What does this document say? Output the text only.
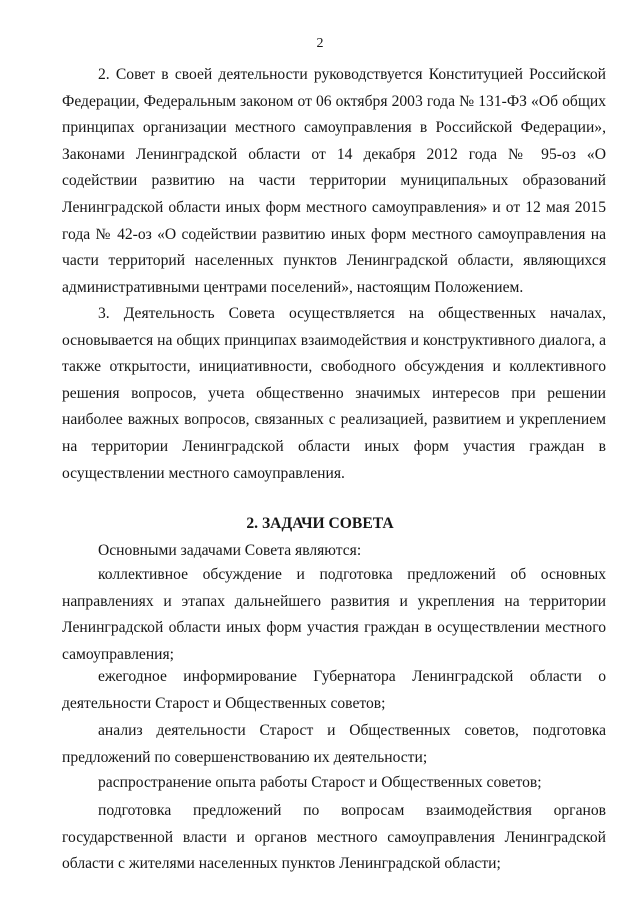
2

2. Совет в своей деятельности руководствуется Конституцией Российской Федерации, Федеральным законом от 06 октября 2003 года № 131-ФЗ «Об общих принципах организации местного самоуправления в Российской Федерации», Законами Ленинградской области от 14 декабря 2012 года № 95-оз «О содействии развитию на части территории муниципальных образований Ленинградской области иных форм местного самоуправления» и от 12 мая 2015 года № 42-оз «О содействии развитию иных форм местного самоуправления на части территорий населенных пунктов Ленинградской области, являющихся административными центрами поселений», настоящим Положением.

3. Деятельность Совета осуществляется на общественных началах, основывается на общих принципах взаимодействия и конструктивного диалога, а также открытости, инициативности, свободного обсуждения и коллективного решения вопросов, учета общественно значимых интересов при решении наиболее важных вопросов, связанных с реализацией, развитием и укреплением на территории Ленинградской области иных форм участия граждан в осуществлении местного самоуправления.

2. ЗАДАЧИ СОВЕТА

Основными задачами Совета являются:

коллективное обсуждение и подготовка предложений об основных направлениях и этапах дальнейшего развития и укрепления на территории Ленинградской области иных форм участия граждан в осуществлении местного самоуправления;

ежегодное информирование Губернатора Ленинградской области о деятельности Старост и Общественных советов;

анализ деятельности Старост и Общественных советов, подготовка предложений по совершенствованию их деятельности;

распространение опыта работы Старост и Общественных советов;

подготовка предложений по вопросам взаимодействия органов государственной власти и органов местного самоуправления Ленинградской области с жителями населенных пунктов Ленинградской области;
